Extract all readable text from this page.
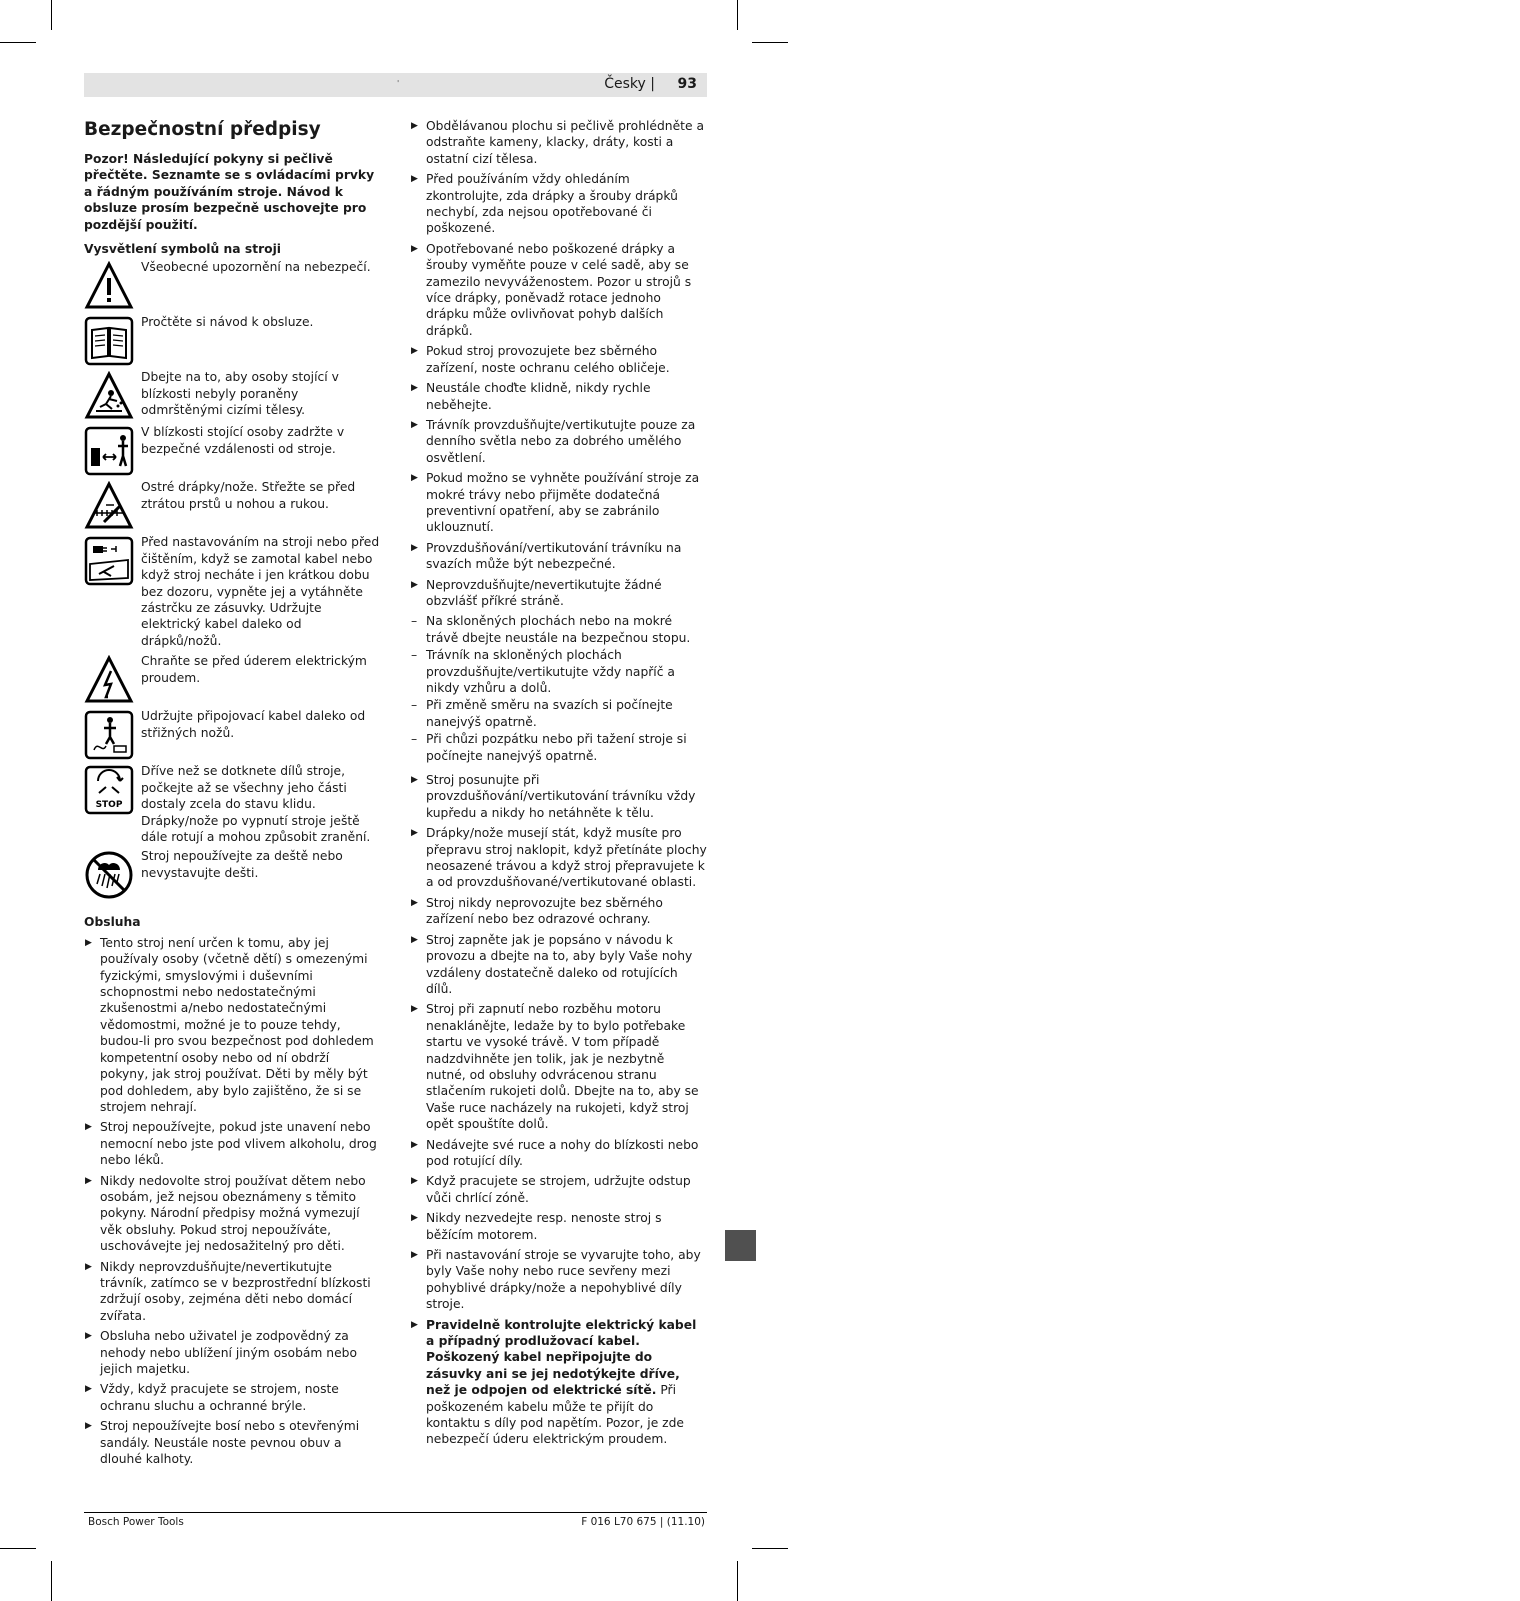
'	Česky | 93
Bezpečnostní předpisy

Pozor! Následující pokyny si pečlivě přečtěte. Seznamte se s ovládacími prvky a řádným používáním stroje. Návod k obsluze prosím bezpečně uschovejte pro pozdější použití.

Vysvětlení symbolů na stroji
Všeobecné upozornění na nebezpečí.
Pročtěte si návod k obsluze.
Dbejte na to, aby osoby stojící v blízkosti nebyly poraněny odmrštěnými cizími tělesy.
V blízkosti stojící osoby zadržte v bezpečné vzdálenosti od stroje.
Ostré drápky/nože. Střežte se před ztrátou prstů u nohou a rukou.
Před nastavováním na stroji nebo před čištěním, když se zamotal kabel nebo když stroj necháte i jen krátkou dobu bez dozoru, vypněte jej a vytáhněte zástrčku ze zásuvky. Udržujte elektrický kabel daleko od drápků/nožů.
Chraňte se před úderem elektrickým proudem.
Udržujte připojovací kabel daleko od střižných nožů.
STOP
Dříve než se dotknete dílů stroje, počkejte až se všechny jeho části dostaly zcela do stavu klidu. Drápky/nože po vypnutí stroje ještě dále rotují a mohou způsobit zranění.
Stroj nepoužívejte za deště nebo nevystavujte dešti.
Obsluha
▶ Tento stroj není určen k tomu, aby jej používaly osoby (včetně dětí) s omezenými fyzickými, smyslovými i duševními schopnostmi nebo nedostatečnými zkušenostmi a/nebo nedostatečnými vědomostmi, možné je to pouze tehdy, budou-li pro svou bezpečnost pod dohledem kompetentní osoby nebo od ní obdrží pokyny, jak stroj používat. Děti by měly být pod dohledem, aby bylo zajištěno, že si se strojem nehrají.
▶ Stroj nepoužívejte, pokud jste unavení nebo nemocní nebo jste pod vlivem alkoholu, drog nebo léků.
▶ Nikdy nedovolte stroj používat dětem nebo osobám, jež nejsou obeznámeny s těmito pokyny. Národní předpisy možná vymezují věk obsluhy. Pokud stroj nepoužíváte, uschovávejte jej nedosažitelný pro děti.
▶ Nikdy neprovzdušňujte/nevertikutujte trávník, zatímco se v bezprostřední blízkosti zdržují osoby, zejména děti nebo domácí zvířata.
▶ Obsluha nebo uživatel je zodpovědný za nehody nebo ublížení jiným osobám nebo jejich majetku.
▶ Vždy, když pracujete se strojem, noste ochranu sluchu a ochranné brýle.
▶ Stroj nepoužívejte bosí nebo s otevřenými sandály. Neustále noste pevnou obuv a dlouhé kalhoty.
▶ Obdělávanou plochu si pečlivě prohlédněte a odstraňte kameny, klacky, dráty, kosti a ostatní cizí tělesa.
▶ Před používáním vždy ohledáním zkontrolujte, zda drápky a šrouby drápků nechybí, zda nejsou opotřebované či poškozené.
▶ Opotřebované nebo poškozené drápky a šrouby vyměňte pouze v celé sadě, aby se zamezilo nevyváženostem. Pozor u strojů s více drápky, poněvadž rotace jednoho drápku může ovlivňovat pohyb dalších drápků.
▶ Pokud stroj provozujete bez sběrného zařízení, noste ochranu celého obličeje.
▶ Neustále choďte klidně, nikdy rychle neběhejte.
▶ Trávník provzdušňujte/vertikutujte pouze za denního světla nebo za dobrého umělého osvětlení.
▶ Pokud možno se vyhněte používání stroje za mokré trávy nebo přijměte dodatečná preventivní opatření, aby se zabránilo uklouznutí.
▶ Provzdušňování/vertikutování trávníku na svazích může být nebezpečné.
▶ Neprovzdušňujte/nevertikutujte žádné obzvlášť příkré stráně.
– Na skloněných plochách nebo na mokré trávě dbejte neustále na bezpečnou stopu.
– Trávník na skloněných plochách provzdušňujte/vertikutujte vždy napříč a nikdy vzhůru a dolů.
– Při změně směru na svazích si počínejte nanejvýš opatrně.
– Při chůzi pozpátku nebo při tažení stroje si počínejte nanejvýš opatrně.
▶ Stroj posunujte při provzdušňování/vertikutování trávníku vždy kupředu a nikdy ho netáhněte k tělu.
▶ Drápky/nože musejí stát, když musíte pro přepravu stroj naklopit, když přetínáte plochy neosazené trávou a když stroj přepravujete k a od provzdušňované/vertikutované oblasti.
▶ Stroj nikdy neprovozujte bez sběrného zařízení nebo bez odrazové ochrany.
▶ Stroj zapněte jak je popsáno v návodu k provozu a dbejte na to, aby byly Vaše nohy vzdáleny dostatečně daleko od rotujících dílů.
▶ Stroj při zapnutí nebo rozběhu motoru nenaklánějte, ledaže by to bylo potřebake startu ve vysoké trávě. V tom případě nadzdvihněte jen tolik, jak je nezbytně nutné, od obsluhy odvrácenou stranu stlačením rukojeti dolů. Dbejte na to, aby se Vaše ruce nacházely na rukojeti, když stroj opět spouštíte dolů.
▶ Nedávejte své ruce a nohy do blízkosti nebo pod rotující díly.
▶ Když pracujete se strojem, udržujte odstup vůči chrlící zóně.
▶ Nikdy nezvedejte resp. nenoste stroj s běžícím motorem.
▶ Při nastavování stroje se vyvarujte toho, aby byly Vaše nohy nebo ruce sevřeny mezi pohyblivé drápky/nože a nepohyblivé díly stroje.
▶ Pravidelně kontrolujte elektrický kabel a případný prodlužovací kabel. Poškozený kabel nepřipojujte do zásuvky ani se jej nedotýkejte dříve, než je odpojen od elektrické sítě. Při poškozeném kabelu může te přijít do kontaktu s díly pod napětím. Pozor, je zde nebezpečí úderu elektrickým proudem.
Bosch Power Tools	F 016 L70 675 | (11.10)
